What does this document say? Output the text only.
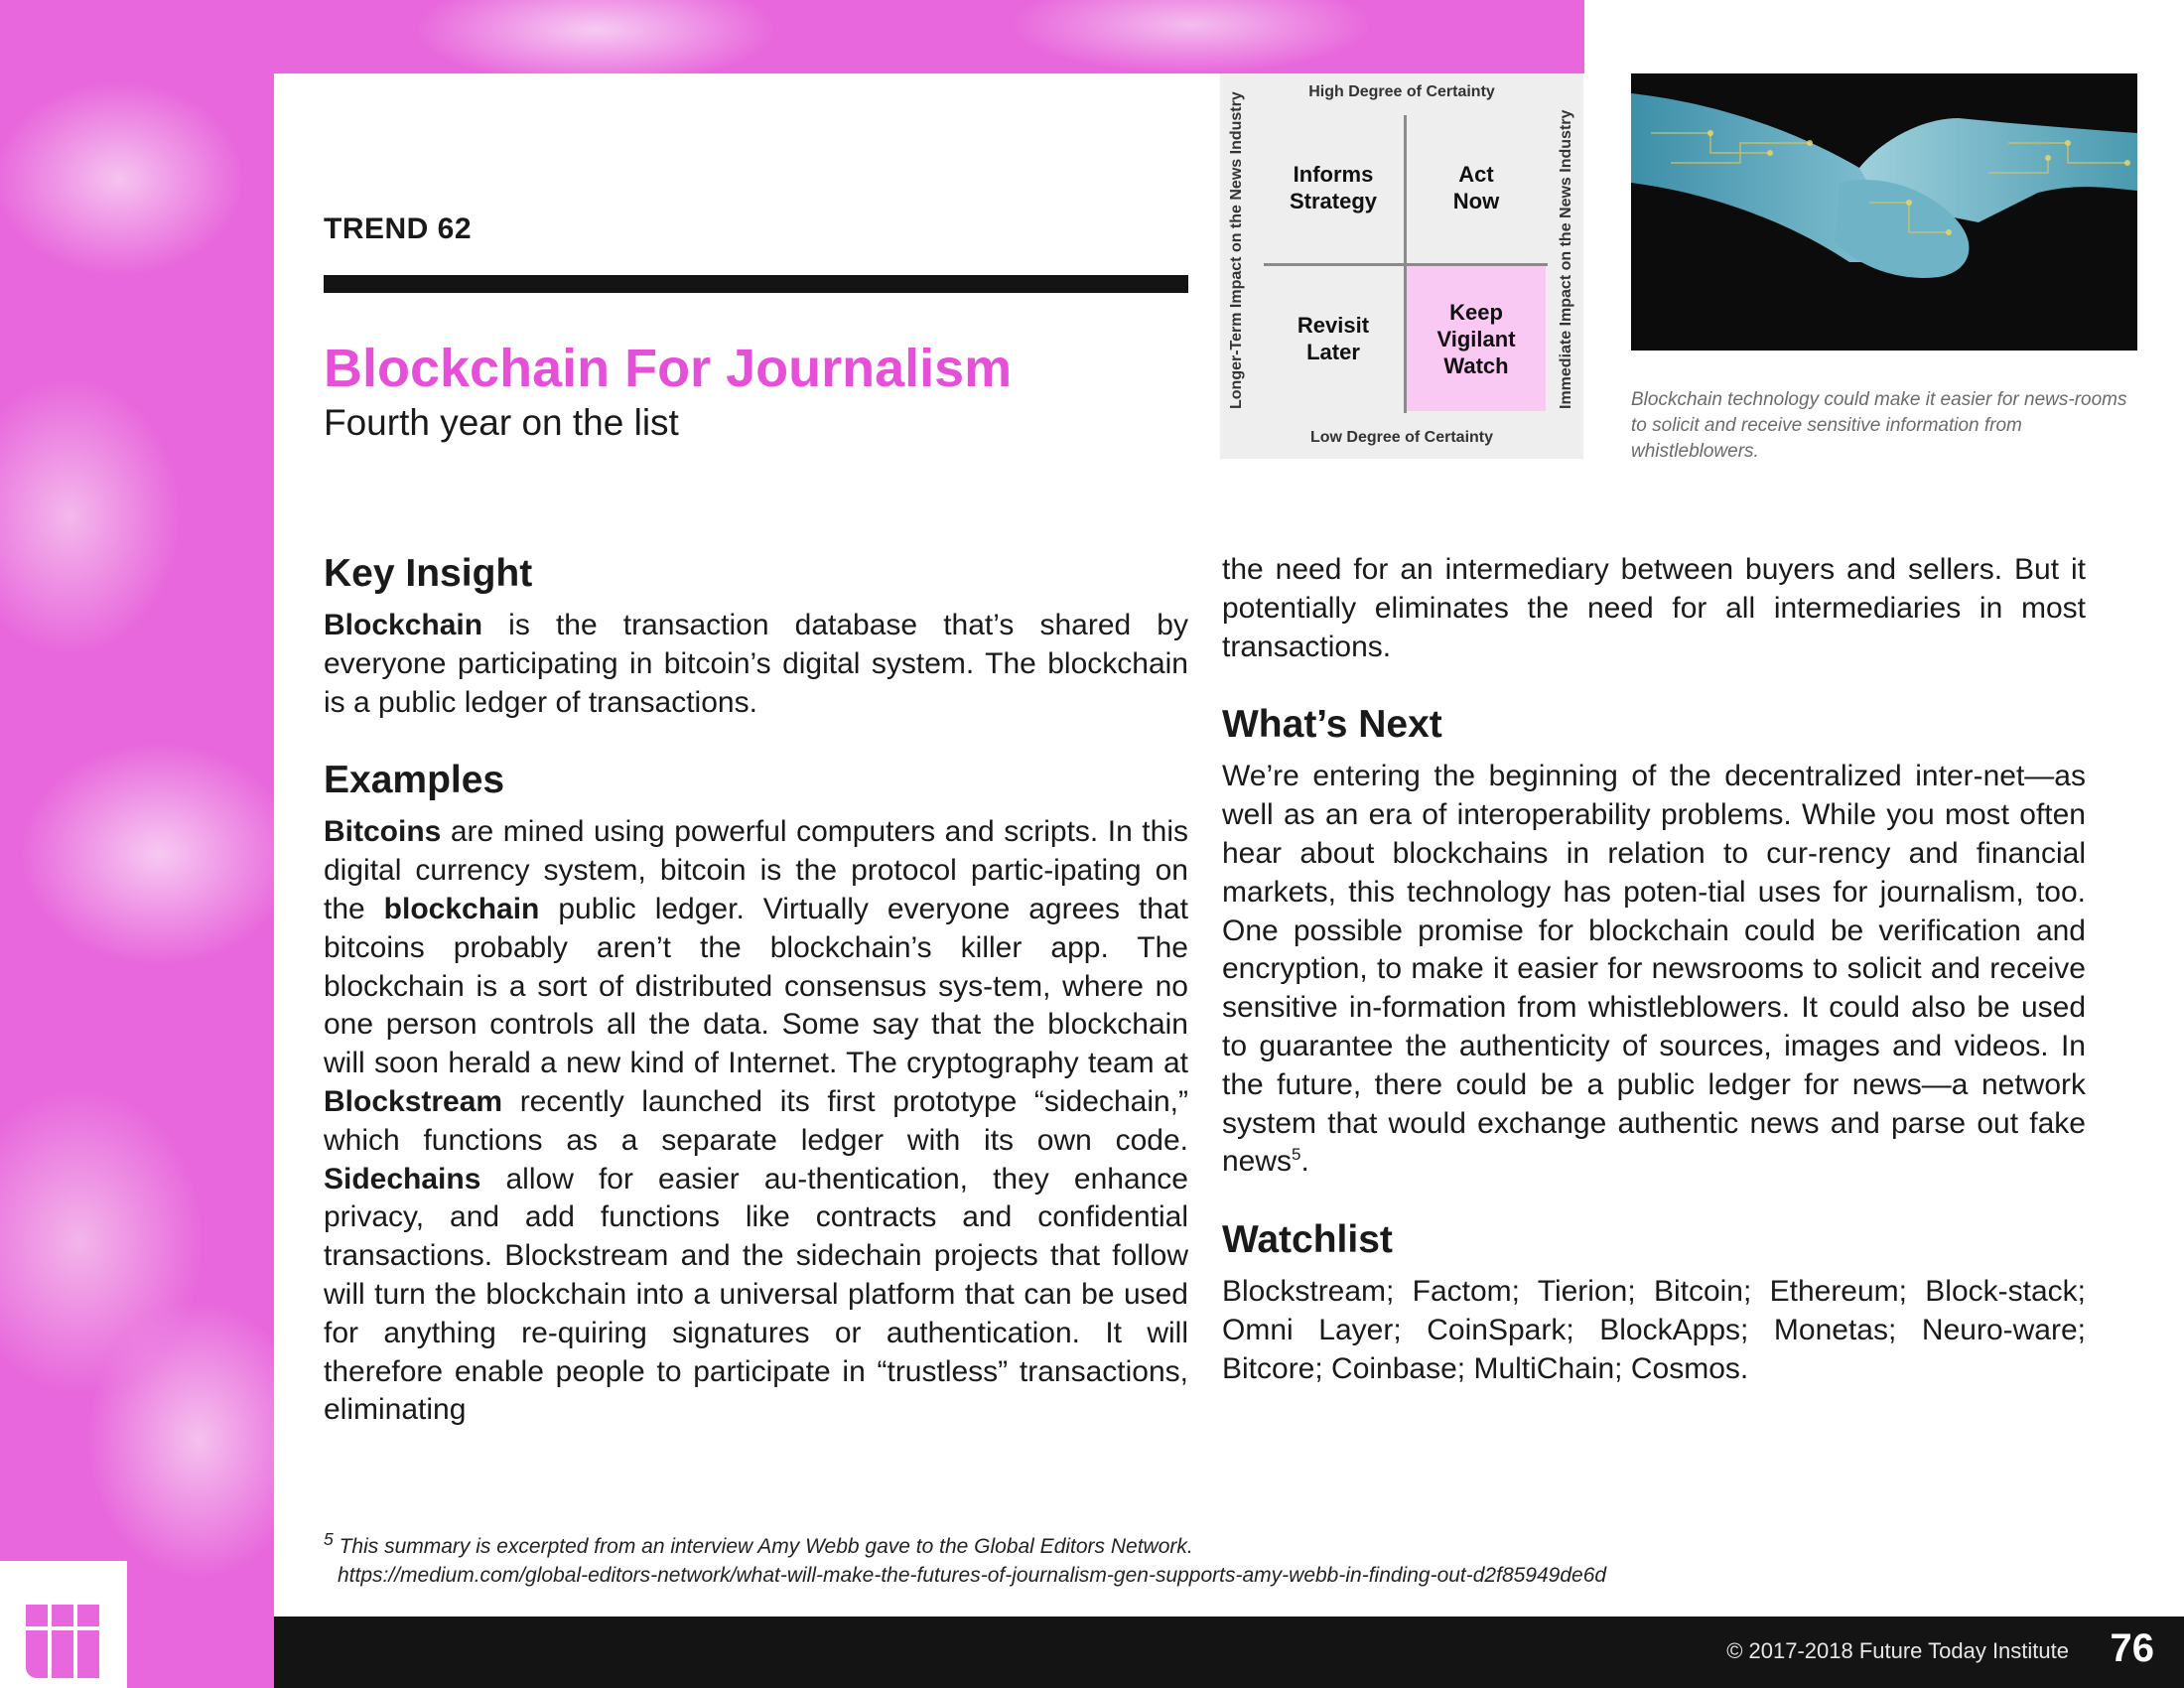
TREND 62
Blockchain For Journalism
Fourth year on the list
High Degree of Certainty
Low Degree of Certainty
Longer-Term Impact on the News Industry	Immediate Impact on the News Industry
Informs
Strategy
Act
Now
Revisit
Later
Keep
Vigilant
Watch
Blockchain technology could make it easier for news-rooms to solicit and receive sensitive information from whistleblowers.
Key Insight

Blockchain is the transaction database that’s shared by everyone participating in bitcoin’s digital system. The blockchain is a public ledger of transactions.

Examples

Bitcoins are mined using powerful computers and scripts. In this digital currency system, bitcoin is the protocol partic-ipating on the blockchain public ledger. Virtually everyone agrees that bitcoins probably aren’t the blockchain’s killer app. The blockchain is a sort of distributed consensus sys-tem, where no one person controls all the data. Some say that the blockchain will soon herald a new kind of Internet. The cryptography team at Blockstream recently launched its first prototype “sidechain,” which functions as a separate ledger with its own code. Sidechains allow for easier au-thentication, they enhance privacy, and add functions like contracts and confidential transactions. Blockstream and the sidechain projects that follow will turn the blockchain into a universal platform that can be used for anything re-quiring signatures or authentication. It will therefore enable people to participate in “trustless” transactions, eliminating

the need for an intermediary between buyers and sellers. But it potentially eliminates the need for all intermediaries in most transactions.

What’s Next

We’re entering the beginning of the decentralized inter-net—as well as an era of interoperability problems. While you most often hear about blockchains in relation to cur-rency and financial markets, this technology has poten-tial uses for journalism, too. One possible promise for blockchain could be verification and encryption, to make it easier for newsrooms to solicit and receive sensitive in-formation from whistleblowers. It could also be used to guarantee the authenticity of sources, images and videos. In the future, there could be a public ledger for news—a network system that would exchange authentic news and parse out fake news$^5$.

Watchlist

Blockstream; Factom; Tierion; Bitcoin; Ethereum; Block-stack; Omni Layer; CoinSpark; BlockApps; Monetas; Neuro-ware; Bitcore; Coinbase; MultiChain; Cosmos.

$^5$ This summary is excerpted from an interview Amy Webb gave to the Global Editors Network.
https://medium.com/global-editors-network/what-will-make-the-futures-of-journalism-gen-supports-amy-webb-in-finding-out-d2f85949de6d
© 2017-2018 Future Today Institute 76
